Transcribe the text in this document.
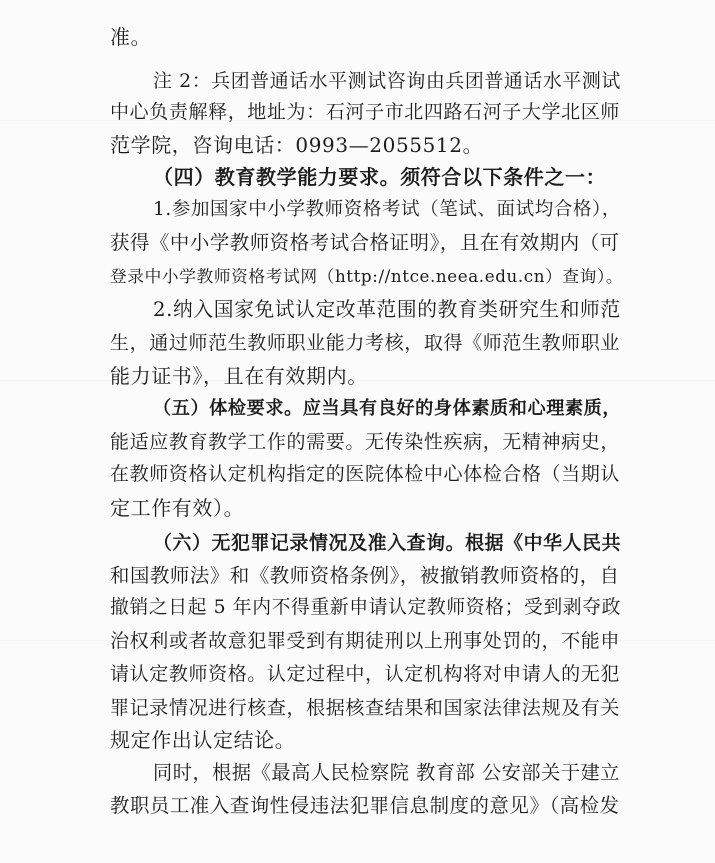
准。
注 2：兵团普通话水平测试咨询由兵团普通话水平测试
中心负责解释，地址为：石河子市北四路石河子大学北区师
范学院，咨询电话：0993—2055512。
（四）教育教学能力要求。须符合以下条件之一：
1.参加国家中小学教师资格考试（笔试、面试均合格），
获得《中小学教师资格考试合格证明》，且在有效期内（可
登录中小学教师资格考试网（http://ntce.neea.edu.cn）查询）。
2.纳入国家免试认定改革范围的教育类研究生和师范
生，通过师范生教师职业能力考核，取得《师范生教师职业
能力证书》，且在有效期内。
（五）体检要求。应当具有良好的身体素质和心理素质，
能适应教育教学工作的需要。无传染性疾病，无精神病史，
在教师资格认定机构指定的医院体检中心体检合格（当期认
定工作有效）。
（六）无犯罪记录情况及准入查询。根据《中华人民共
和国教师法》和《教师资格条例》，被撤销教师资格的，自
撤销之日起 5 年内不得重新申请认定教师资格；受到剥夺政
治权利或者故意犯罪受到有期徒刑以上刑事处罚的，不能申
请认定教师资格。认定过程中，认定机构将对申请人的无犯
罪记录情况进行核查，根据核查结果和国家法律法规及有关
规定作出认定结论。
同时，根据《最高人民检察院 教育部 公安部关于建立
教职员工准入查询性侵违法犯罪信息制度的意见》（高检发
